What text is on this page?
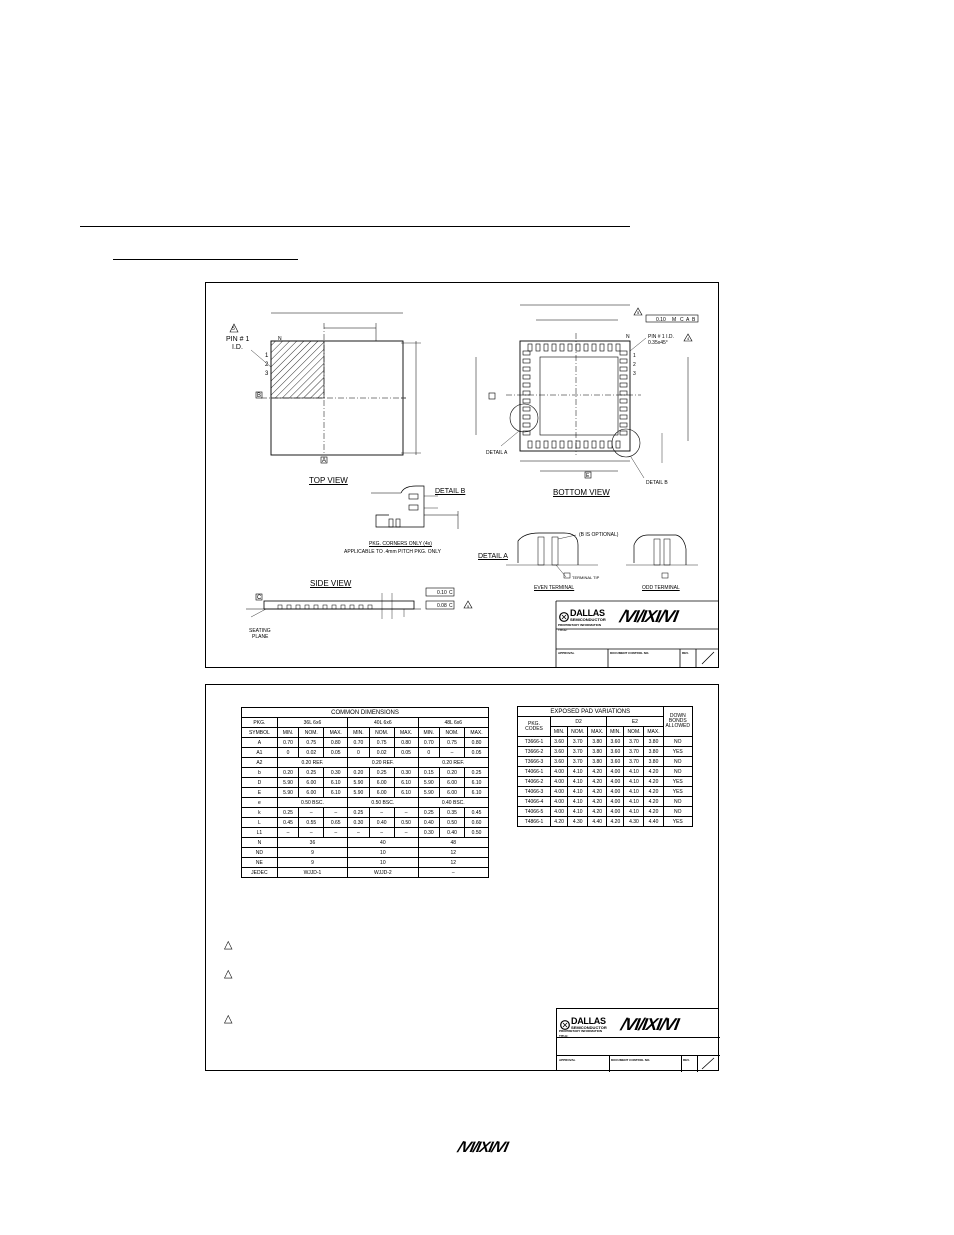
PIN # 1
I.D.
5
N
1
2
3
B
A
TOP VIEW
N	PIN # 1 I.D.
0.35x45°
1
2
3
0.10 M C A B
5
4
E
DETAIL A
DETAIL B
BOTTOM VIEW
DETAIL B
PKG. CORNERS ONLY (4x)
APPLICABLE TO .4mm PITCH PKG. ONLY
SIDE VIEW
C
SEATING
PLANE
0.10 C
0.08 C	5
DETAIL A
(B IS OPTIONAL)
TERMINAL TIP
EVEN TERMINAL	ODD TERMINAL
DALLAS
SEMICONDUCTOR /VI/IXI/VI
PROPRIETARY INFORMATION
TITLE:
APPROVAL	DOCUMENT CONTROL NO.	REV.
COMMON DIMENSIONS									
PKG.	36L 6x6			40L 6x6			48L 6x6		
SYMBOL	MIN.	NOM.	MAX.	MIN.	NOM.	MAX.	MIN.	NOM.	MAX.
A	0.70	0.75	0.80	0.70	0.75	0.80	0.70	0.75	0.80
A1	0	0.02	0.05	0	0.02	0.05	0	–	0.05
A2	0.20 REF.			0.20 REF.			0.20 REF.		
b	0.20	0.25	0.30	0.20	0.25	0.30	0.15	0.20	0.25
D	5.90	6.00	6.10	5.90	6.00	6.10	5.90	6.00	6.10
E	5.90	6.00	6.10	5.90	6.00	6.10	5.90	6.00	6.10
e	0.50 BSC.			0.50 BSC.			0.40 BSC.		
k	0.25	–	–	0.25	–	–	0.25	0.35	0.45
L	0.45	0.55	0.65	0.30	0.40	0.50	0.40	0.50	0.60
L1	–	–	–	–	–	–	0.30	0.40	0.50
N	36			40			48		
ND	9			10			12		
NE	9			10			12		
JEDEC	WJJD-1			WJJD-2			–		
EXPOSED PAD VARIATIONS							DOWN BONDS ALLOWED
PKG. CODES	D2			E2			
	MIN.	NOM.	MAX.	MIN.	NOM.	MAX.	
T3666-1	3.60	3.70	3.80	3.60	3.70	3.80	NO
T3666-2	3.60	3.70	3.80	3.60	3.70	3.80	YES
T3666-3	3.60	3.70	3.80	3.60	3.70	3.80	NO
T4066-1	4.00	4.10	4.20	4.00	4.10	4.20	NO
T4066-2	4.00	4.10	4.20	4.00	4.10	4.20	YES
T4066-3	4.00	4.10	4.20	4.00	4.10	4.20	YES
T4066-4	4.00	4.10	4.20	4.00	4.10	4.20	NO
T4066-5	4.00	4.10	4.20	4.00	4.10	4.20	NO
T4866-1	4.20	4.30	4.40	4.20	4.30	4.40	YES
△
△
△	DALLAS
SEMICONDUCTOR /VI/IXI/VI
PROPRIETARY INFORMATION
TITLE:
APPROVAL	DOCUMENT CONTROL NO.	REV.
/VI/IXI/VI
